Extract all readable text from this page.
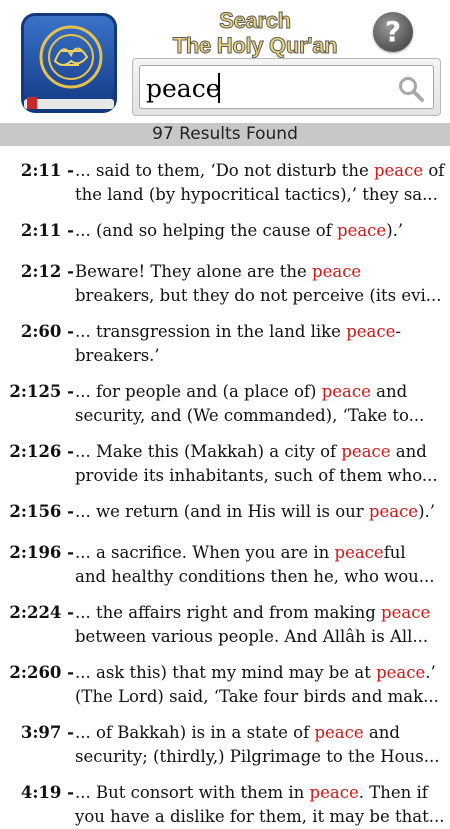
Search
The Holy Qur'an	?
peace
97 Results Found
2:11 - ... said to them, ‘Do not disturb the peace of
the land (by hypocritical tactics),’ they sa...
2:11 - ... (and so helping the cause of peace).’
2:12 - Beware! They alone are the peace
breakers, but they do not perceive (its evi...
2:60 - ... transgression in the land like peace-
breakers.’
2:125 - ... for people and (a place of) peace and
security, and (We commanded), ‘Take to...
2:126 - ... Make this (Makkah) a city of peace and
provide its inhabitants, such of them who...
2:156 - ... we return (and in His will is our peace).’
2:196 - ... a sacrifice. When you are in peaceful
and healthy conditions then he, who wou...
2:224 - ... the affairs right and from making peace
between various people. And Allâh is All...
2:260 - ... ask this) that my mind may be at peace.’
(The Lord) said, ‘Take four birds and mak...
3:97 - ... of Bakkah) is in a state of peace and
security; (thirdly,) Pilgrimage to the Hous...
4:19 - ... But consort with them in peace. Then if
you have a dislike for them, it may be that...
